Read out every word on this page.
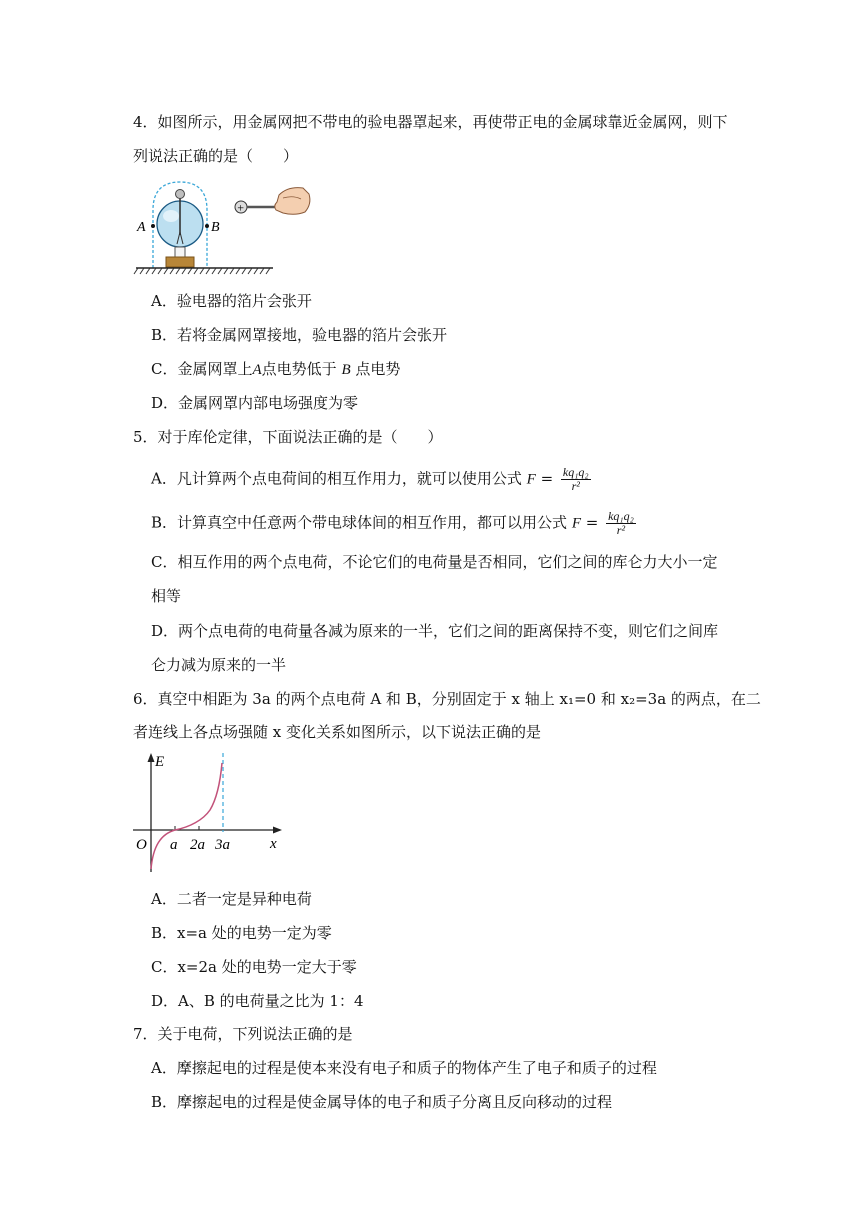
4．如图所示，用金属网把不带电的验电器罩起来，再使带正电的金属球靠近金属网，则下
列说法正确的是（　　）
A	B
+
A．验电器的箔片会张开
B．若将金属网罩接地，验电器的箔片会张开
C．金属网罩上A点电势低于 B 点电势
D．金属网罩内部电场强度为零
5．对于库伦定律，下面说法正确的是（　　）
A．凡计算两个点电荷间的相互作用力，就可以使用公式 $F = \frac{\text{kq₁q₂}}{\text{r²}}$
B．计算真空中任意两个带电球体间的相互作用，都可以用公式 $F = \frac{\text{kq₁q₂}}{\text{r²}}$
C．相互作用的两个点电荷，不论它们的电荷量是否相同，它们之间的库仑力大小一定
相等
D．两个点电荷的电荷量各减为原来的一半，它们之间的距离保持不变，则它们之间库
仑力减为原来的一半
6．真空中相距为 3a 的两个点电荷 A 和 B，分别固定于 x 轴上 x₁=0 和 x₂=3a 的两点，在二
者连线上各点场强随 x 变化关系如图所示，以下说法正确的是
E
x
O a 2a 3a
A．二者一定是异种电荷
B．x=a 处的电势一定为零
C．x=2a 处的电势一定大于零
D．A、B 的电荷量之比为 1：4
7．关于电荷，下列说法正确的是
A．摩擦起电的过程是使本来没有电子和质子的物体产生了电子和质子的过程
B．摩擦起电的过程是使金属导体的电子和质子分离且反向移动的过程
